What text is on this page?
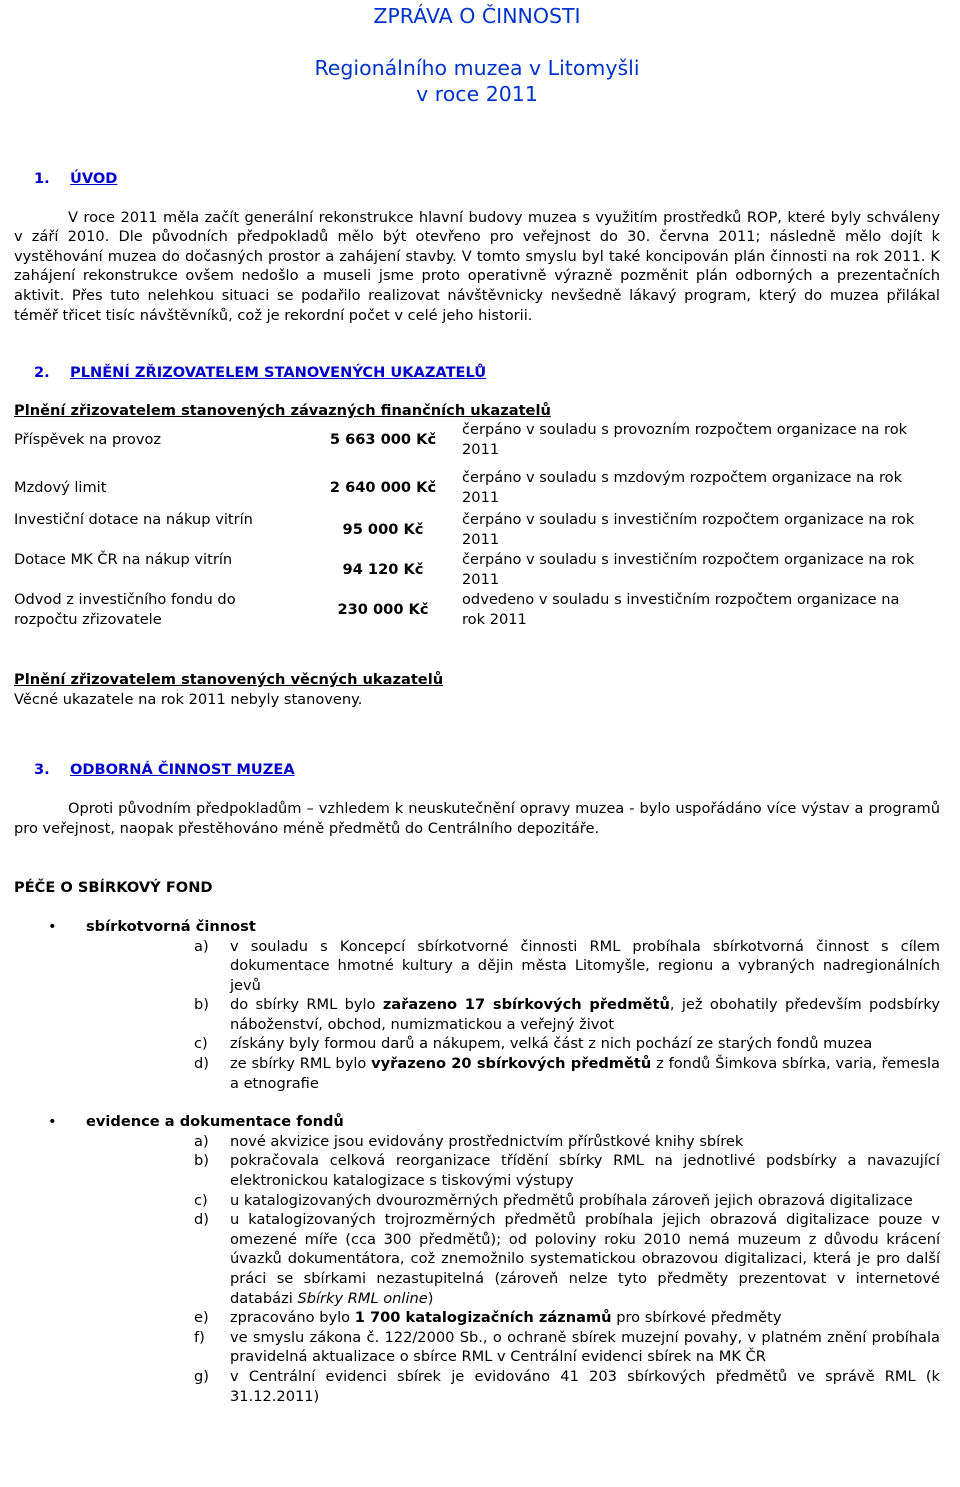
ZPRÁVA O ČINNOSTI

Regionálního muzea v Litomyšli
v roce 2011
1. ÚVOD

V roce 2011 měla začít generální rekonstrukce hlavní budovy muzea s využitím prostředků ROP, které byly schváleny v září 2010. Dle původních předpokladů mělo být otevřeno pro veřejnost do 30. června 2011; následně mělo dojít k vystěhování muzea do dočasných prostor a zahájení stavby. V tomto smyslu byl také koncipován plán činnosti na rok 2011. K zahájení rekonstrukce ovšem nedošlo a museli jsme proto operativně výrazně pozměnit plán odborných a prezentačních aktivit. Přes tuto nelehkou situaci se podařilo realizovat návštěvnicky nevšedně lákavý program, který do muzea přilákal téměř třicet tisíc návštěvníků, což je rekordní počet v celé jeho historii.

2. PLNĚNÍ ZŘIZOVATELEM STANOVENÝCH UKAZATELŮ

Plnění zřizovatelem stanovených závazných finančních ukazatelů

Příspěvek na provoz	5 663 000 Kč	čerpáno v souladu s provozním rozpočtem organizace na rok 2011
Mzdový limit	2 640 000 Kč	čerpáno v souladu s mzdovým rozpočtem organizace na rok 2011
Investiční dotace na nákup vitrín	95 000 Kč	čerpáno v souladu s investičním rozpočtem organizace na rok 2011
Dotace MK ČR na nákup vitrín	94 120 Kč	čerpáno v souladu s investičním rozpočtem organizace na rok 2011
Odvod z investičního fondu do rozpočtu zřizovatele	230 000 Kč	odvedeno v souladu s investičním rozpočtem organizace na rok 2011

Plnění zřizovatelem stanovených věcných ukazatelů

Věcné ukazatele na rok 2011 nebyly stanoveny.

3. ODBORNÁ ČINNOST MUZEA

Oproti původním předpokladům – vzhledem k neuskutečnění opravy muzea - bylo uspořádáno více výstav a programů pro veřejnost, naopak přestěhováno méně předmětů do Centrálního depozitáře.

PÉČE O SBÍRKOVÝ FOND

• sbírkotvorná činnost
a) v souladu s Koncepcí sbírkotvorné činnosti RML probíhala sbírkotvorná činnost s cílem dokumentace hmotné kultury a dějin města Litomyšle, regionu a vybraných nadregionálních jevů
b) do sbírky RML bylo zařazeno 17 sbírkových předmětů, jež obohatily především podsbírky náboženství, obchod, numizmatickou a veřejný život
c) získány byly formou darů a nákupem, velká část z nich pochází ze starých fondů muzea
d) ze sbírky RML bylo vyřazeno 20 sbírkových předmětů z fondů Šimkova sbírka, varia, řemesla a etnografie
• evidence a dokumentace fondů
a) nové akvizice jsou evidovány prostřednictvím přírůstkové knihy sbírek
b) pokračovala celková reorganizace třídění sbírky RML na jednotlivé podsbírky a navazující elektronickou katalogizace s tiskovými výstupy
c) u katalogizovaných dvourozměrných předmětů probíhala zároveň jejich obrazová digitalizace
d) u katalogizovaných trojrozměrných předmětů probíhala jejich obrazová digitalizace pouze v omezené míře (cca 300 předmětů); od poloviny roku 2010 nemá muzeum z důvodu krácení úvazků dokumentátora, což znemožnilo systematickou obrazovou digitalizaci, která je pro další práci se sbírkami nezastupitelná (zároveň nelze tyto předměty prezentovat v internetové databázi Sbírky RML online)
e) zpracováno bylo 1 700 katalogizačních záznamů pro sbírkové předměty
f) ve smyslu zákona č. 122/2000 Sb., o ochraně sbírek muzejní povahy, v platném znění probíhala pravidelná aktualizace o sbírce RML v Centrální evidenci sbírek na MK ČR
g) v Centrální evidenci sbírek je evidováno 41 203 sbírkových předmětů ve správě RML (k 31.12.2011)
